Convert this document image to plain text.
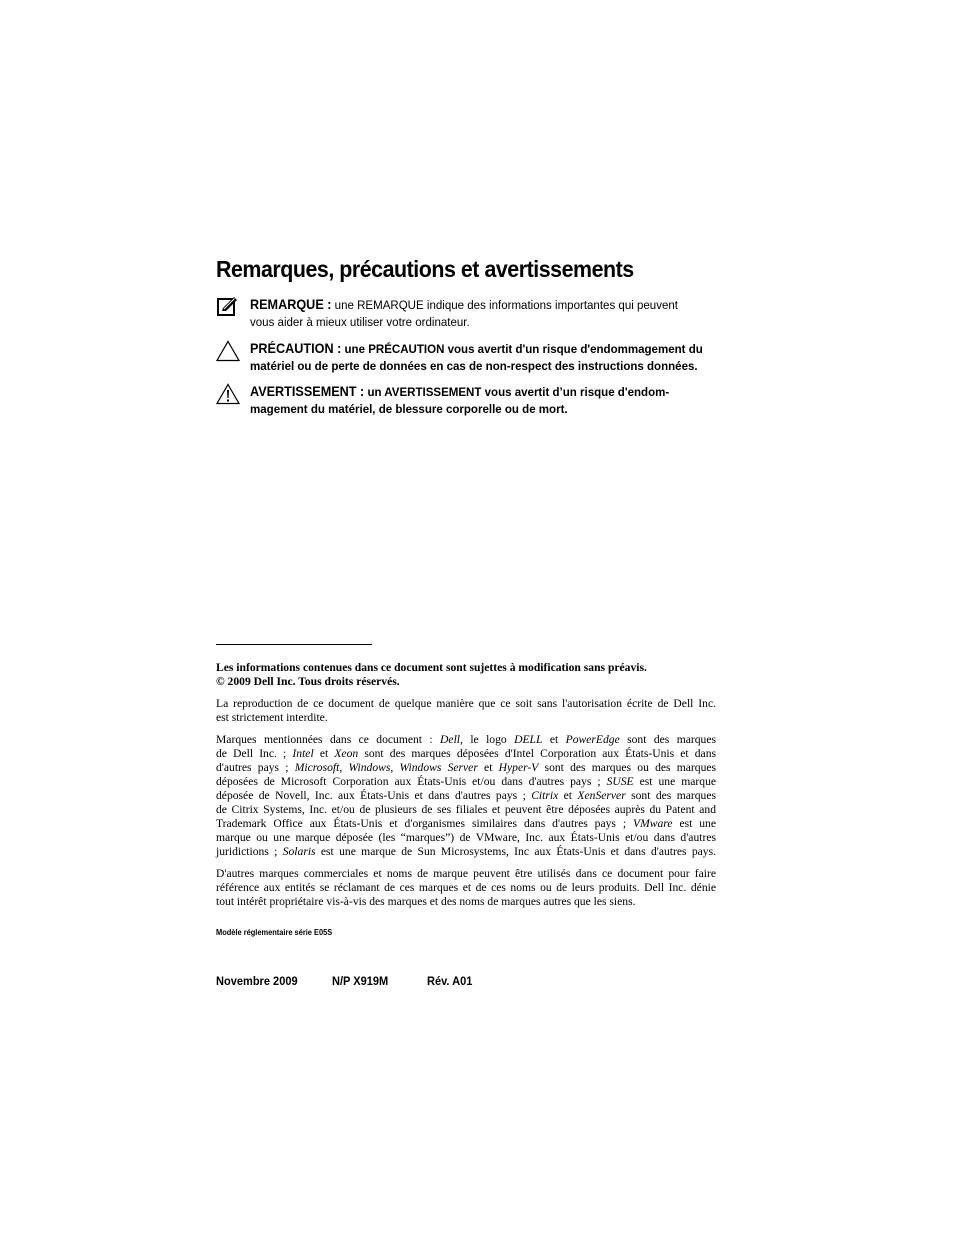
Remarques, précautions et avertissements
REMARQUE : une REMARQUE indique des informations importantes qui peuvent
vous aider à mieux utiliser votre ordinateur.
PRÉCAUTION : une PRÉCAUTION vous avertit d'un risque d'endommagement du
matériel ou de perte de données en cas de non-respect des instructions données.
AVERTISSEMENT : un AVERTISSEMENT vous avertit d’un risque d'endom-
magement du matériel, de blessure corporelle ou de mort.
Les informations contenues dans ce document sont sujettes à modification sans préavis.
© 2009 Dell Inc. Tous droits réservés.
La reproduction de ce document de quelque manière que ce soit sans l'autorisation écrite de Dell Inc.
est strictement interdite.
Marques mentionnées dans ce document : Dell, le logo DELL et PowerEdge sont des marques
de Dell Inc. ; Intel et Xeon sont des marques déposées d'Intel Corporation aux États-Unis et dans
d'autres pays ; Microsoft, Windows, Windows Server et Hyper-V sont des marques ou des marques
déposées de Microsoft Corporation aux États-Unis et/ou dans d'autres pays ; SUSE est une marque
déposée de Novell, Inc. aux États-Unis et dans d'autres pays ; Citrix et XenServer sont des marques
de Citrix Systems, Inc. et/ou de plusieurs de ses filiales et peuvent être déposées auprès du Patent and
Trademark Office aux États-Unis et d'organismes similaires dans d'autres pays ; VMware est une
marque ou une marque déposée (les “marques”) de VMware, Inc. aux États-Unis et/ou dans d'autres
juridictions ; Solaris est une marque de Sun Microsystems, Inc aux États-Unis et dans d'autres pays.
D'autres marques commerciales et noms de marque peuvent être utilisés dans ce document pour faire
référence aux entités se réclamant de ces marques et de ces noms ou de leurs produits. Dell Inc. dénie
tout intérêt propriétaire vis-à-vis des marques et des noms de marques autres que les siens.
Modèle réglementaire série E05S
Novembre 2009	N/P X919M	Rév. A01
